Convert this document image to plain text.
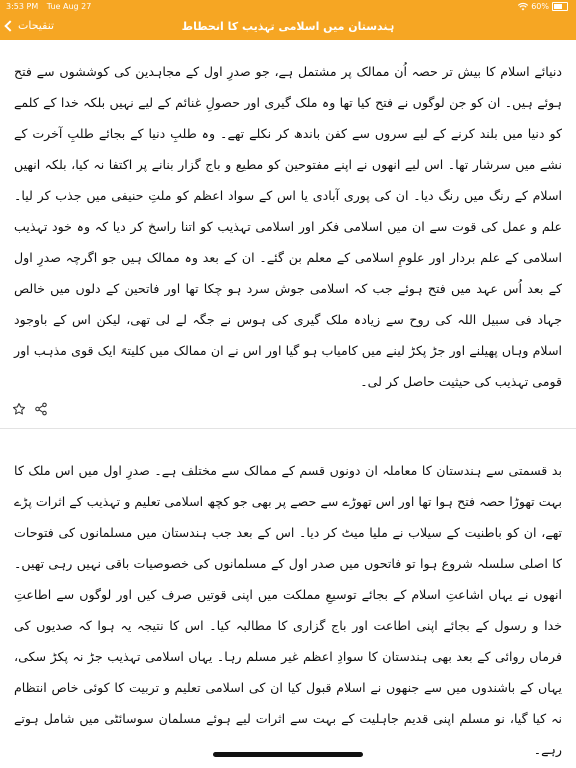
3:53 PM Tue Aug 27	60%
تنقیحات	ہندستان میں اسلامی تہذیب کا انحطاط

دنیائے اسلام کا بیش تر حصہ اُن ممالک پر مشتمل ہے، جو صدرِ اول کے مجاہدین کی کوششوں سے فتح ہوئے ہیں۔ ان کو جن لوگوں نے فتح کیا تھا وہ ملک گیری اور حصولِ غنائم کے لیے نہیں بلکہ خدا کے کلمے کو دنیا میں بلند کرنے کے لیے سروں سے کفن باندھ کر نکلے تھے۔ وہ طلبِ دنیا کے بجائے طلبِ آخرت کے نشے میں سرشار تھا۔ اس لیے انھوں نے اپنے مفتوحین کو مطیع و باج گزار بنانے پر اکتفا نہ کیا، بلکہ انھیں اسلام کے رنگ میں رنگ دیا۔ ان کی پوری آبادی یا اس کے سواد اعظم کو ملتِ حنیفی میں جذب کر لیا۔ علم و عمل کی قوت سے ان میں اسلامی فکر اور اسلامی تہذیب کو اتنا راسخ کر دیا کہ وہ خود تہذیب اسلامی کے علم بردار اور علومِ اسلامی کے معلم بن گئے۔ ان کے بعد وہ ممالک ہیں جو اگرچہ صدرِ اول کے بعد اُس عہد میں فتح ہوئے جب کہ اسلامی جوش سرد ہو چکا تھا اور فاتحین کے دلوں میں خالص جہاد فی سبیل اللہ کی روح سے زیادہ ملک گیری کی ہوس نے جگہ لے لی تھی، لیکن اس کے باوجود اسلام وہاں پھیلنے اور جڑ پکڑ لینے میں کامیاب ہو گیا اور اس نے ان ممالک میں کلیتہً ایک قوی مذہب اور قومی تہذیب کی حیثیت حاصل کر لی۔

بد قسمتی سے ہندستان کا معاملہ ان دونوں قسم کے ممالک سے مختلف ہے۔ صدرِ اول میں اس ملک کا بہت تھوڑا حصہ فتح ہوا تھا اور اس تھوڑے سے حصے پر بھی جو کچھ اسلامی تعلیم و تہذیب کے اثرات پڑے تھے، ان کو باطنیت کے سیلاب نے ملیا میٹ کر دیا۔ اس کے بعد جب ہندستان میں مسلمانوں کی فتوحات کا اصلی سلسلہ شروع ہوا تو فاتحوں میں صدر اول کے مسلمانوں کی خصوصیات باقی نہیں رہی تھیں۔ انھوں نے یہاں اشاعتِ اسلام کے بجائے توسیعِ مملکت میں اپنی قوتیں صرف کیں اور لوگوں سے اطاعتِ خدا و رسول کے بجائے اپنی اطاعت اور باج گزاری کا مطالبہ کیا۔ اس کا نتیجہ یہ ہوا کہ صدیوں کی فرماں روائی کے بعد بھی ہندستان کا سوادِ اعظم غیر مسلم رہا۔ یہاں اسلامی تہذیب جڑ نہ پکڑ سکی، یہاں کے باشندوں میں سے جنھوں نے اسلام قبول کیا ان کی اسلامی تعلیم و تربیت کا کوئی خاص انتظام نہ کیا گیا، نو مسلم اپنی قدیم جاہلیت کے بہت سے اثرات لیے ہوئے مسلمان سوسائٹی میں شامل ہوتے رہے۔
